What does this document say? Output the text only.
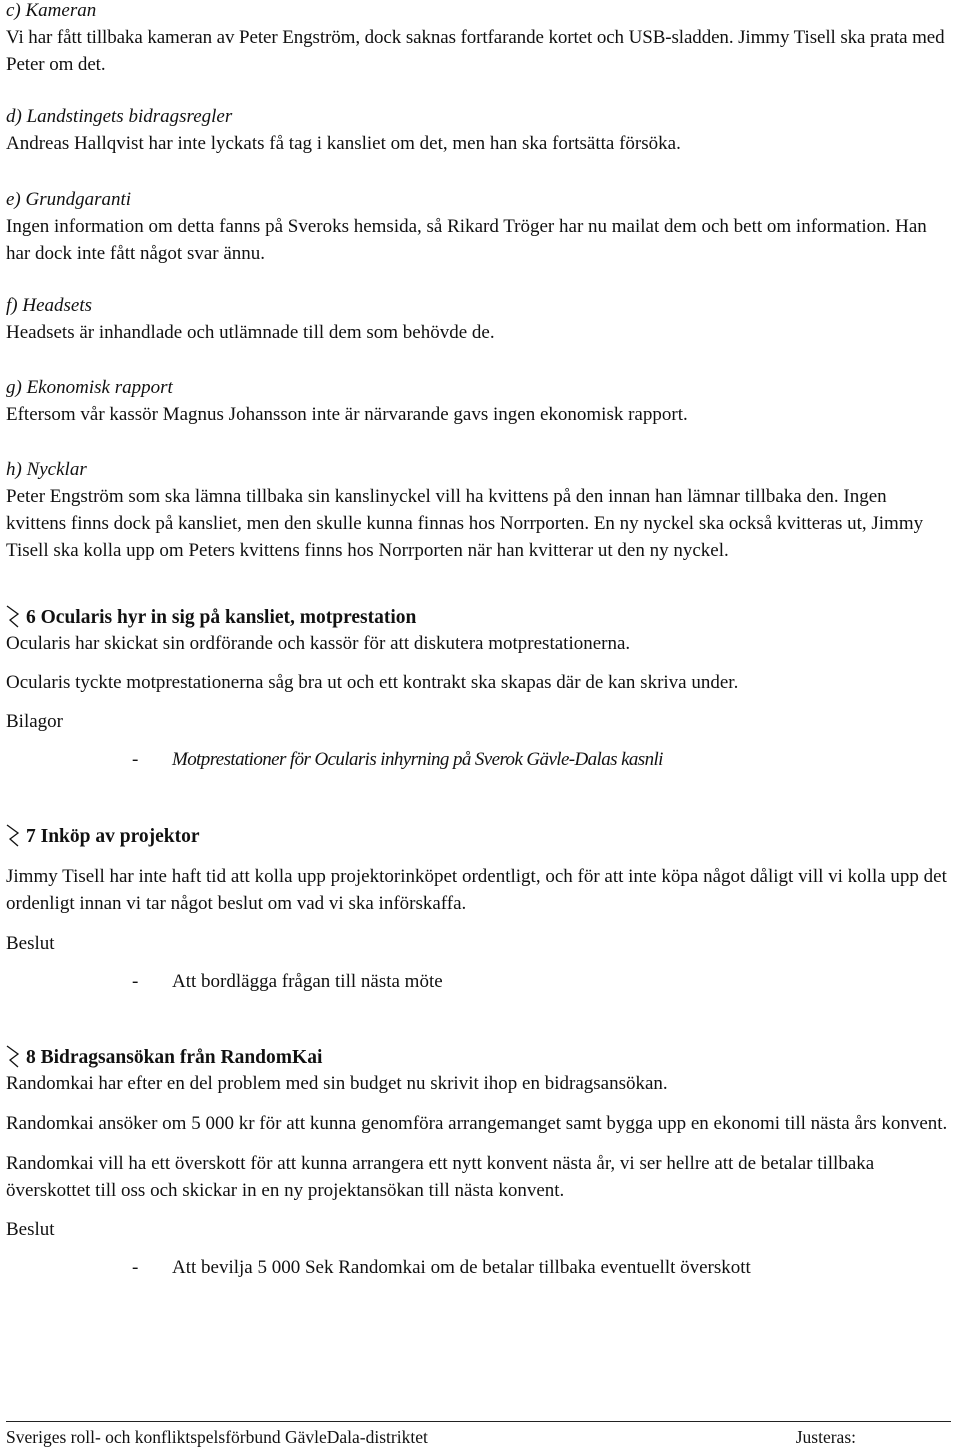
c) Kameran

Vi har fått tillbaka kameran av Peter Engström, dock saknas fortfarande kortet och USB-sladden. Jimmy Tisell ska prata med Peter om det.

d) Landstingets bidragsregler

Andreas Hallqvist har inte lyckats få tag i kansliet om det, men han ska fortsätta försöka.

e) Grundgaranti

Ingen information om detta fanns på Sveroks hemsida, så Rikard Tröger har nu mailat dem och bett om information. Han har dock inte fått något svar ännu.

f) Headsets

Headsets är inhandlade och utlämnade till dem som behövde de.

g) Ekonomisk rapport

Eftersom vår kassör Magnus Johansson inte är närvarande gavs ingen ekonomisk rapport.

h) Nycklar

Peter Engström som ska lämna tillbaka sin kanslinyckel vill ha kvittens på den innan han lämnar tillbaka den. Ingen kvittens finns dock på kansliet, men den skulle kunna finnas hos Norrporten. En ny nyckel ska också kvitteras ut, Jimmy Tisell ska kolla upp om Peters kvittens finns hos Norrporten när han kvitterar ut den ny nyckel.

6 Ocularis hyr in sig på kansliet, motprestation

Ocularis har skickat sin ordförande och kassör för att diskutera motprestationerna.

Ocularis tyckte motprestationerna såg bra ut och ett kontrakt ska skapas där de kan skriva under.

Bilagor

- Motprestationer för Ocularis inhyrning på Sverok Gävle-Dalas kasnli
7 Inköp av projektor

Jimmy Tisell har inte haft tid att kolla upp projektorinköpet ordentligt, och för att inte köpa något dåligt vill vi kolla upp det ordenligt innan vi tar något beslut om vad vi ska införskaffa.

Beslut

- Att bordlägga frågan till nästa möte
8 Bidragsansökan från RandomKai

Randomkai har efter en del problem med sin budget nu skrivit ihop en bidragsansökan.

Randomkai ansöker om 5 000 kr för att kunna genomföra arrangemanget samt bygga upp en ekonomi till nästa års konvent.

Randomkai vill ha ett överskott för att kunna arrangera ett nytt konvent nästa år, vi ser hellre att de betalar tillbaka överskottet till oss och skickar in en ny projektansökan till nästa konvent.

Beslut

- Att bevilja 5 000 Sek Randomkai om de betalar tillbaka eventuellt överskott
Sveriges roll- och konfliktspelsförbund GävleDala-distriktet	Justeras:
